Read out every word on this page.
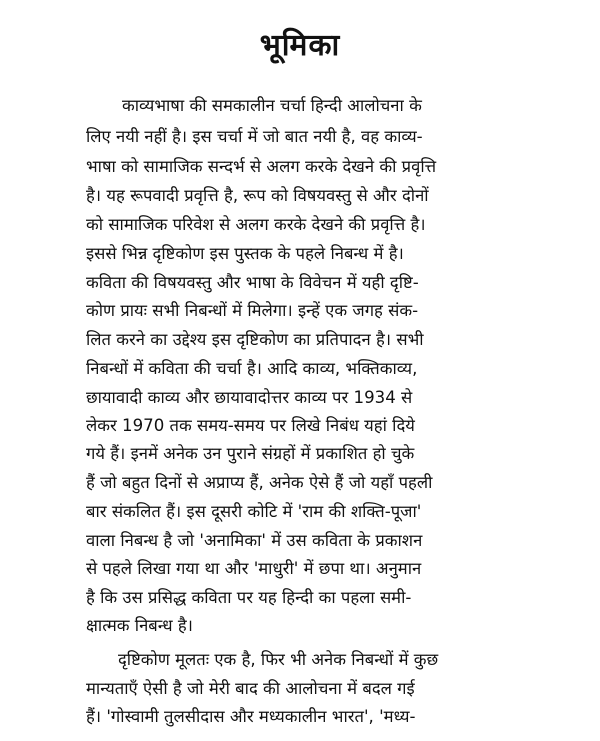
भूमिका
काव्यभाषा की समकालीन चर्चा हिन्दी आलोचना के
लिए नयी नहीं है। इस चर्चा में जो बात नयी है, वह काव्य-
भाषा को सामाजिक सन्दर्भ से अलग करके देखने की प्रवृत्ति
है। यह रूपवादी प्रवृत्ति है, रूप को विषयवस्तु से और दोनों
को सामाजिक परिवेश से अलग करके देखने की प्रवृत्ति है।
इससे भिन्न दृष्टिकोण इस पुस्तक के पहले निबन्ध में है।
कविता की विषयवस्तु और भाषा के विवेचन में यही दृष्टि-
कोण प्रायः सभी निबन्धों में मिलेगा। इन्हें एक जगह संक-
लित करने का उद्देश्य इस दृष्टिकोण का प्रतिपादन है। सभी
निबन्धों में कविता की चर्चा है। आदि काव्य, भक्तिकाव्य,
छायावादी काव्य और छायावादोत्तर काव्य पर 1934 से
लेकर 1970 तक समय-समय पर लिखे निबंध यहां दिये
गये हैं। इनमें अनेक उन पुराने संग्रहों में प्रकाशित हो चुके
हैं जो बहुत दिनों से अप्राप्य हैं, अनेक ऐसे हैं जो यहाँ पहली
बार संकलित हैं। इस दूसरी कोटि में 'राम की शक्ति-पूजा'
वाला निबन्ध है जो 'अनामिका' में उस कविता के प्रकाशन
से पहले लिखा गया था और 'माधुरी' में छपा था। अनुमान
है कि उस प्रसिद्ध कविता पर यह हिन्दी का पहला समी-
क्षात्मक निबन्ध है।
दृष्टिकोण मूलतः एक है, फिर भी अनेक निबन्धों में कुछ
मान्यताएँ ऐसी है जो मेरी बाद की आलोचना में बदल गई
हैं। 'गोस्वामी तुलसीदास और मध्यकालीन भारत', 'मध्य-
